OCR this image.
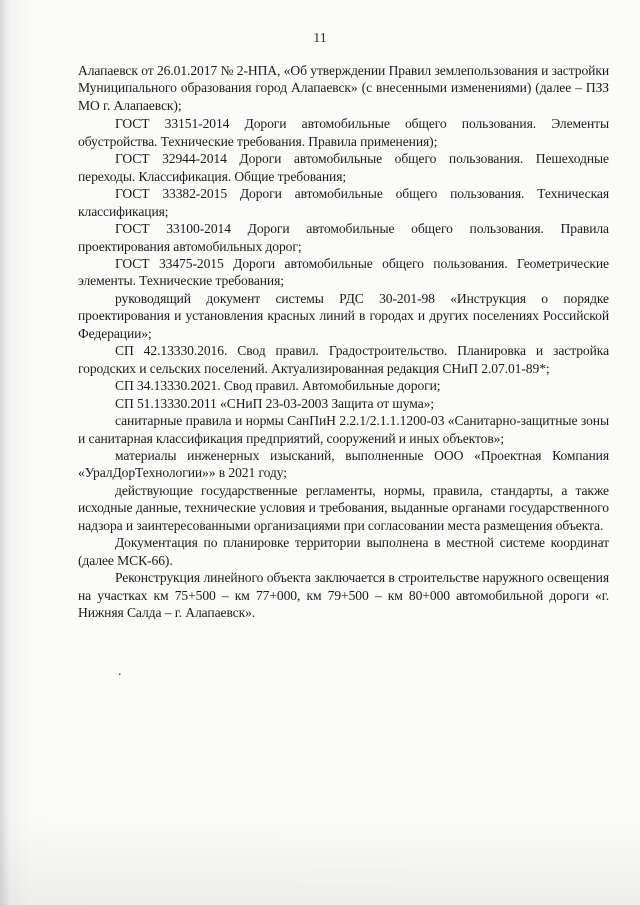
11

Алапаевск от 26.01.2017 № 2-НПА, «Об утверждении Правил землепользования и застройки Муниципального образования город Алапаевск» (с внесенными изменениями) (далее – ПЗЗ МО г. Алапаевск);

ГОСТ 33151-2014 Дороги автомобильные общего пользования. Элементы обустройства. Технические требования. Правила применения);

ГОСТ 32944-2014 Дороги автомобильные общего пользования. Пешеходные переходы. Классификация. Общие требования;

ГОСТ 33382-2015 Дороги автомобильные общего пользования. Техническая классификация;

ГОСТ 33100-2014 Дороги автомобильные общего пользования. Правила проектирования автомобильных дорог;

ГОСТ 33475-2015 Дороги автомобильные общего пользования. Геометрические элементы. Технические требования;

руководящий документ системы РДС 30-201-98 «Инструкция о порядке проектирования и установления красных линий в городах и других поселениях Российской Федерации»;

СП 42.13330.2016. Свод правил. Градостроительство. Планировка и застройка городских и сельских поселений. Актуализированная редакция СНиП 2.07.01-89*;

СП 34.13330.2021. Свод правил. Автомобильные дороги;

СП 51.13330.2011 «СНиП 23-03-2003 Защита от шума»;

санитарные правила и нормы СанПиН 2.2.1/2.1.1.1200-03 «Санитарно-защитные зоны и санитарная классификация предприятий, сооружений и иных объектов»;

материалы инженерных изысканий, выполненные ООО «Проектная Компания «УралДорТехнологии»» в 2021 году;

действующие государственные регламенты, нормы, правила, стандарты, а также исходные данные, технические условия и требования, выданные органами государственного надзора и заинтересованными организациями при согласовании места размещения объекта.

Документация по планировке территории выполнена в местной системе координат (далее МСК-66).

Реконструкция линейного объекта заключается в строительстве наружного освещения на участках км 75+500 – км 77+000, км 79+500 – км 80+000 автомобильной дороги «г. Нижняя Салда – г. Алапаевск».

.
